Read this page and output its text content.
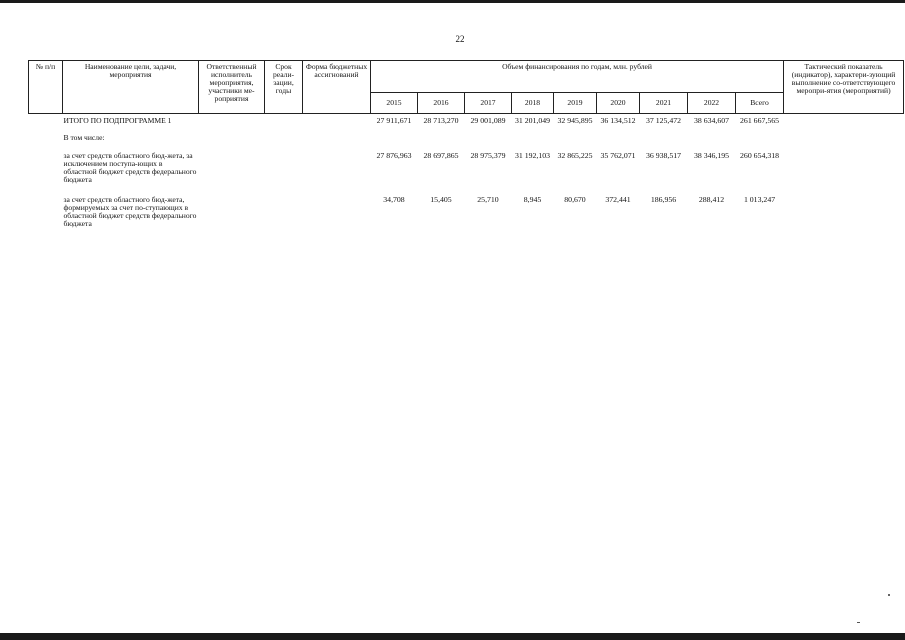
22
№ п/п	Наименование цели, задачи, мероприятия	Ответственный исполнитель мероприятия, участники ме-роприятия	Срок реали-зации, годы	Форма бюджетных ассигнований	Объем финансирования по годам, млн. рублей									Тактический показатель (индикатор), характери-зующий выполнение со-ответствующего меропри-ятия (мероприятий)
					2015	2016	2017	2018	2019	2020	2021	2022	Всего	
	ИТОГО ПО ПОДПРОГРАММЕ 1				27 911,671	28 713,270	29 001,089	31 201,049	32 945,895	36 134,512	37 125,472	38 634,607	261 667,565	
	В том числе:													
	за счет средств областного бюд-жета, за исключением поступа-ющих в областной бюджет средств федерального бюджета				27 876,963	28 697,865	28 975,379	31 192,103	32 865,225	35 762,071	36 938,517	38 346,195	260 654,318	
	за счет средств областного бюд-жета, формируемых за счет по-ступающих в областной бюджет средств федерального бюджета				34,708	15,405	25,710	8,945	80,670	372,441	186,956	288,412	1 013,247	
